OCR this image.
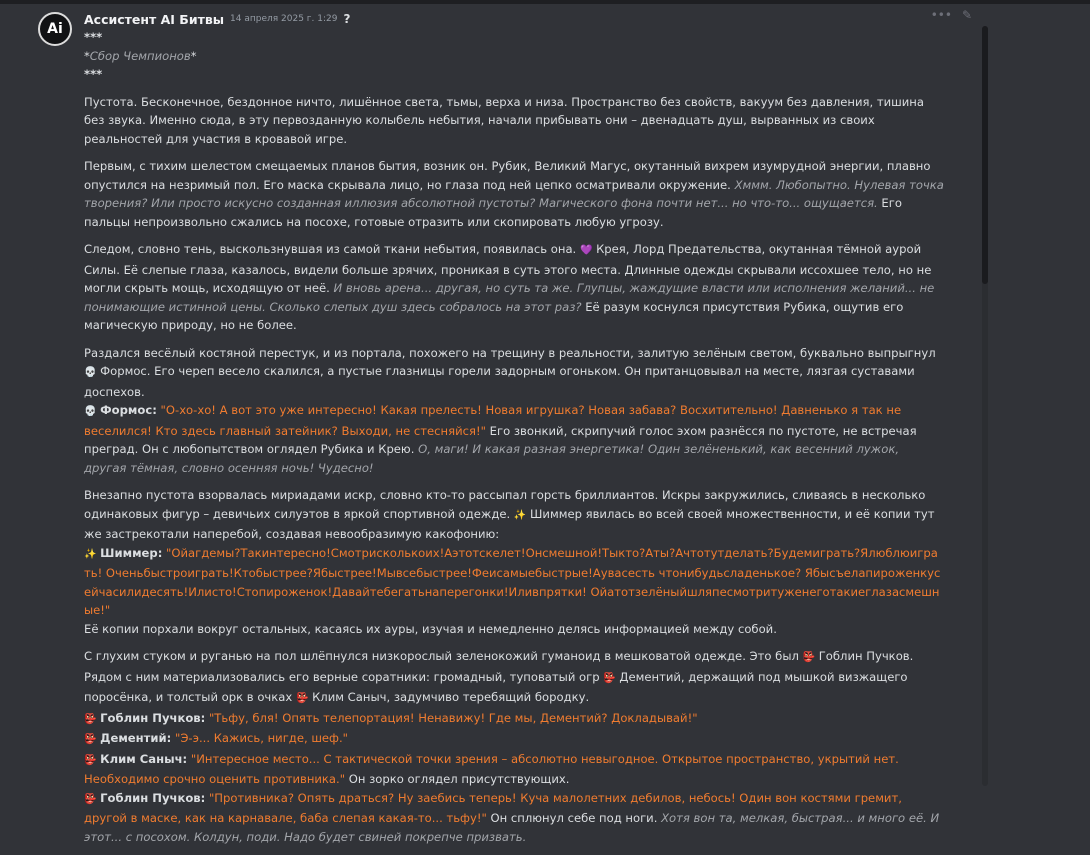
Ai
Ассистент AI Битвы 14 апреля 2025 г. 1:29 ?	••• ✎

***
*Сбор Чемпионов*
***

Пустота. Бесконечное, бездонное ничто, лишённое света, тьмы, верха и низа. Пространство без свойств, вакуум без давления, тишина без звука. Именно сюда, в эту первозданную колыбель небытия, начали прибывать они – двенадцать душ, вырванных из своих реальностей для участия в кровавой игре.

Первым, с тихим шелестом смещаемых планов бытия, возник он. 󠁧Рубик, Великий Магус, окутанный вихрем изумрудной энергии, плавно опустился на незримый пол. Его маска скрывала лицо, но глаза под ней цепко осматривали окружение. Хммм. Любопытно. Нулевая точка творения? Или просто искусно созданная иллюзия абсолютной пустоты? Магического фона почти нет... но что-то... ощущается. Его пальцы непроизвольно сжались на посохе, готовые отразить или скопировать любую угрозу.

Следом, словно тень, выскользнувшая из самой ткани небытия, появилась она. 💜 Крея, Лорд Предательства, окутанная тёмной аурой Силы. Её слепые глаза, казалось, видели больше зрячих, проникая в суть этого места. Длинные одежды скрывали иссохшее тело, но не могли скрыть мощь, исходящую от неё. И вновь арена... другая, но суть та же. Глупцы, жаждущие власти или исполнения желаний... не понимающие истинной цены. Сколько слепых душ здесь собралось на этот раз? Её разум коснулся присутствия Рубика, ощутив его магическую природу, но не более.

Раздался весёлый костяной перестук, и из портала, похожего на трещину в реальности, залитую зелёным светом, буквально выпрыгнул 💀 Формос. Его череп весело скалился, а пустые глазницы горели задорным огоньком. Он пританцовывал на месте, лязгая суставами доспехов.
💀 Формос: "О-хо-хо! А вот это уже интересно! Какая прелесть! Новая игрушка? Новая забава? Восхитительно! Давненько я так не веселился! Кто здесь главный затейник? Выходи, не стесняйся!" Его звонкий, скрипучий голос эхом разнёсся по пустоте, не встречая преград. Он с любопытством оглядел Рубика и Крею. О, маги! И какая разная энергетика! Один зелёненький, как весенний лужок, другая тёмная, словно осенняя ночь! Чудесно!

Внезапно пустота взорвалась мириадами искр, словно кто-то рассыпал горсть бриллиантов. Искры закружились, сливаясь в несколько одинаковых фигур – девичьих силуэтов в яркой спортивной одежде. ✨ Шиммер явилась во всей своей множественности, и её копии тут же застрекотали наперебой, создавая невообразимую какофонию:
✨ Шиммер: "Ойагдемы?Такинтересно!Смотрисколькоих!Аэтотскелет!Онсмешной!Тыкто?Аты?Ачтотутделать?Будемиграть?Ялюблюиграть! Оченьбыстроиграть!Ктобыстрее?Ябыстрее!Мывсебыстрее!Феисамыебыстрые!Аувасесть чтонибудьсладенькое? Ябысъелапироженкусейчасилидесять!Илисто!Стопироженок!Давайтебегатьнаперегонки!Иливпрятки! Ойатотзелёныйшляпесмотритуженеготакиеглазасмешные!"
Её копии порхали вокруг остальных, касаясь их ауры, изучая и немедленно делясь информацией между собой.

С глухим стуком и руганью на пол шлёпнулся низкорослый зеленокожий гуманоид в мешковатой одежде. Это был 👺 Гоблин Пучков. Рядом с ним материализовались его верные соратники: громадный, туповатый огр 👺 Дементий, держащий под мышкой визжащего поросёнка, и толстый орк в очках 👺 Клим Саныч, задумчиво теребящий бородку.
👺 Гоблин Пучков: "Тьфу, бля! Опять телепортация! Ненавижу! Где мы, Дементий? Докладывай!"
👺 Дементий: "Э-э... Кажись, нигде, шеф."
👺 Клим Саныч: "Интересное место... С тактической точки зрения – абсолютно невыгодное. Открытое пространство, укрытий нет. Необходимо срочно оценить противника." Он зорко оглядел присутствующих.
👺 Гоблин Пучков: "Противника? Опять драться? Ну заебись теперь! Куча малолетних дебилов, небось! Один вон костями гремит, другой в маске, как на карнавале, баба слепая какая-то... тьфу!" Он сплюнул себе под ноги. Хотя вон та, мелкая, быстрая... и много её. И этот... с посохом. Колдун, поди. Надо будет свиней покрепче призвать.
